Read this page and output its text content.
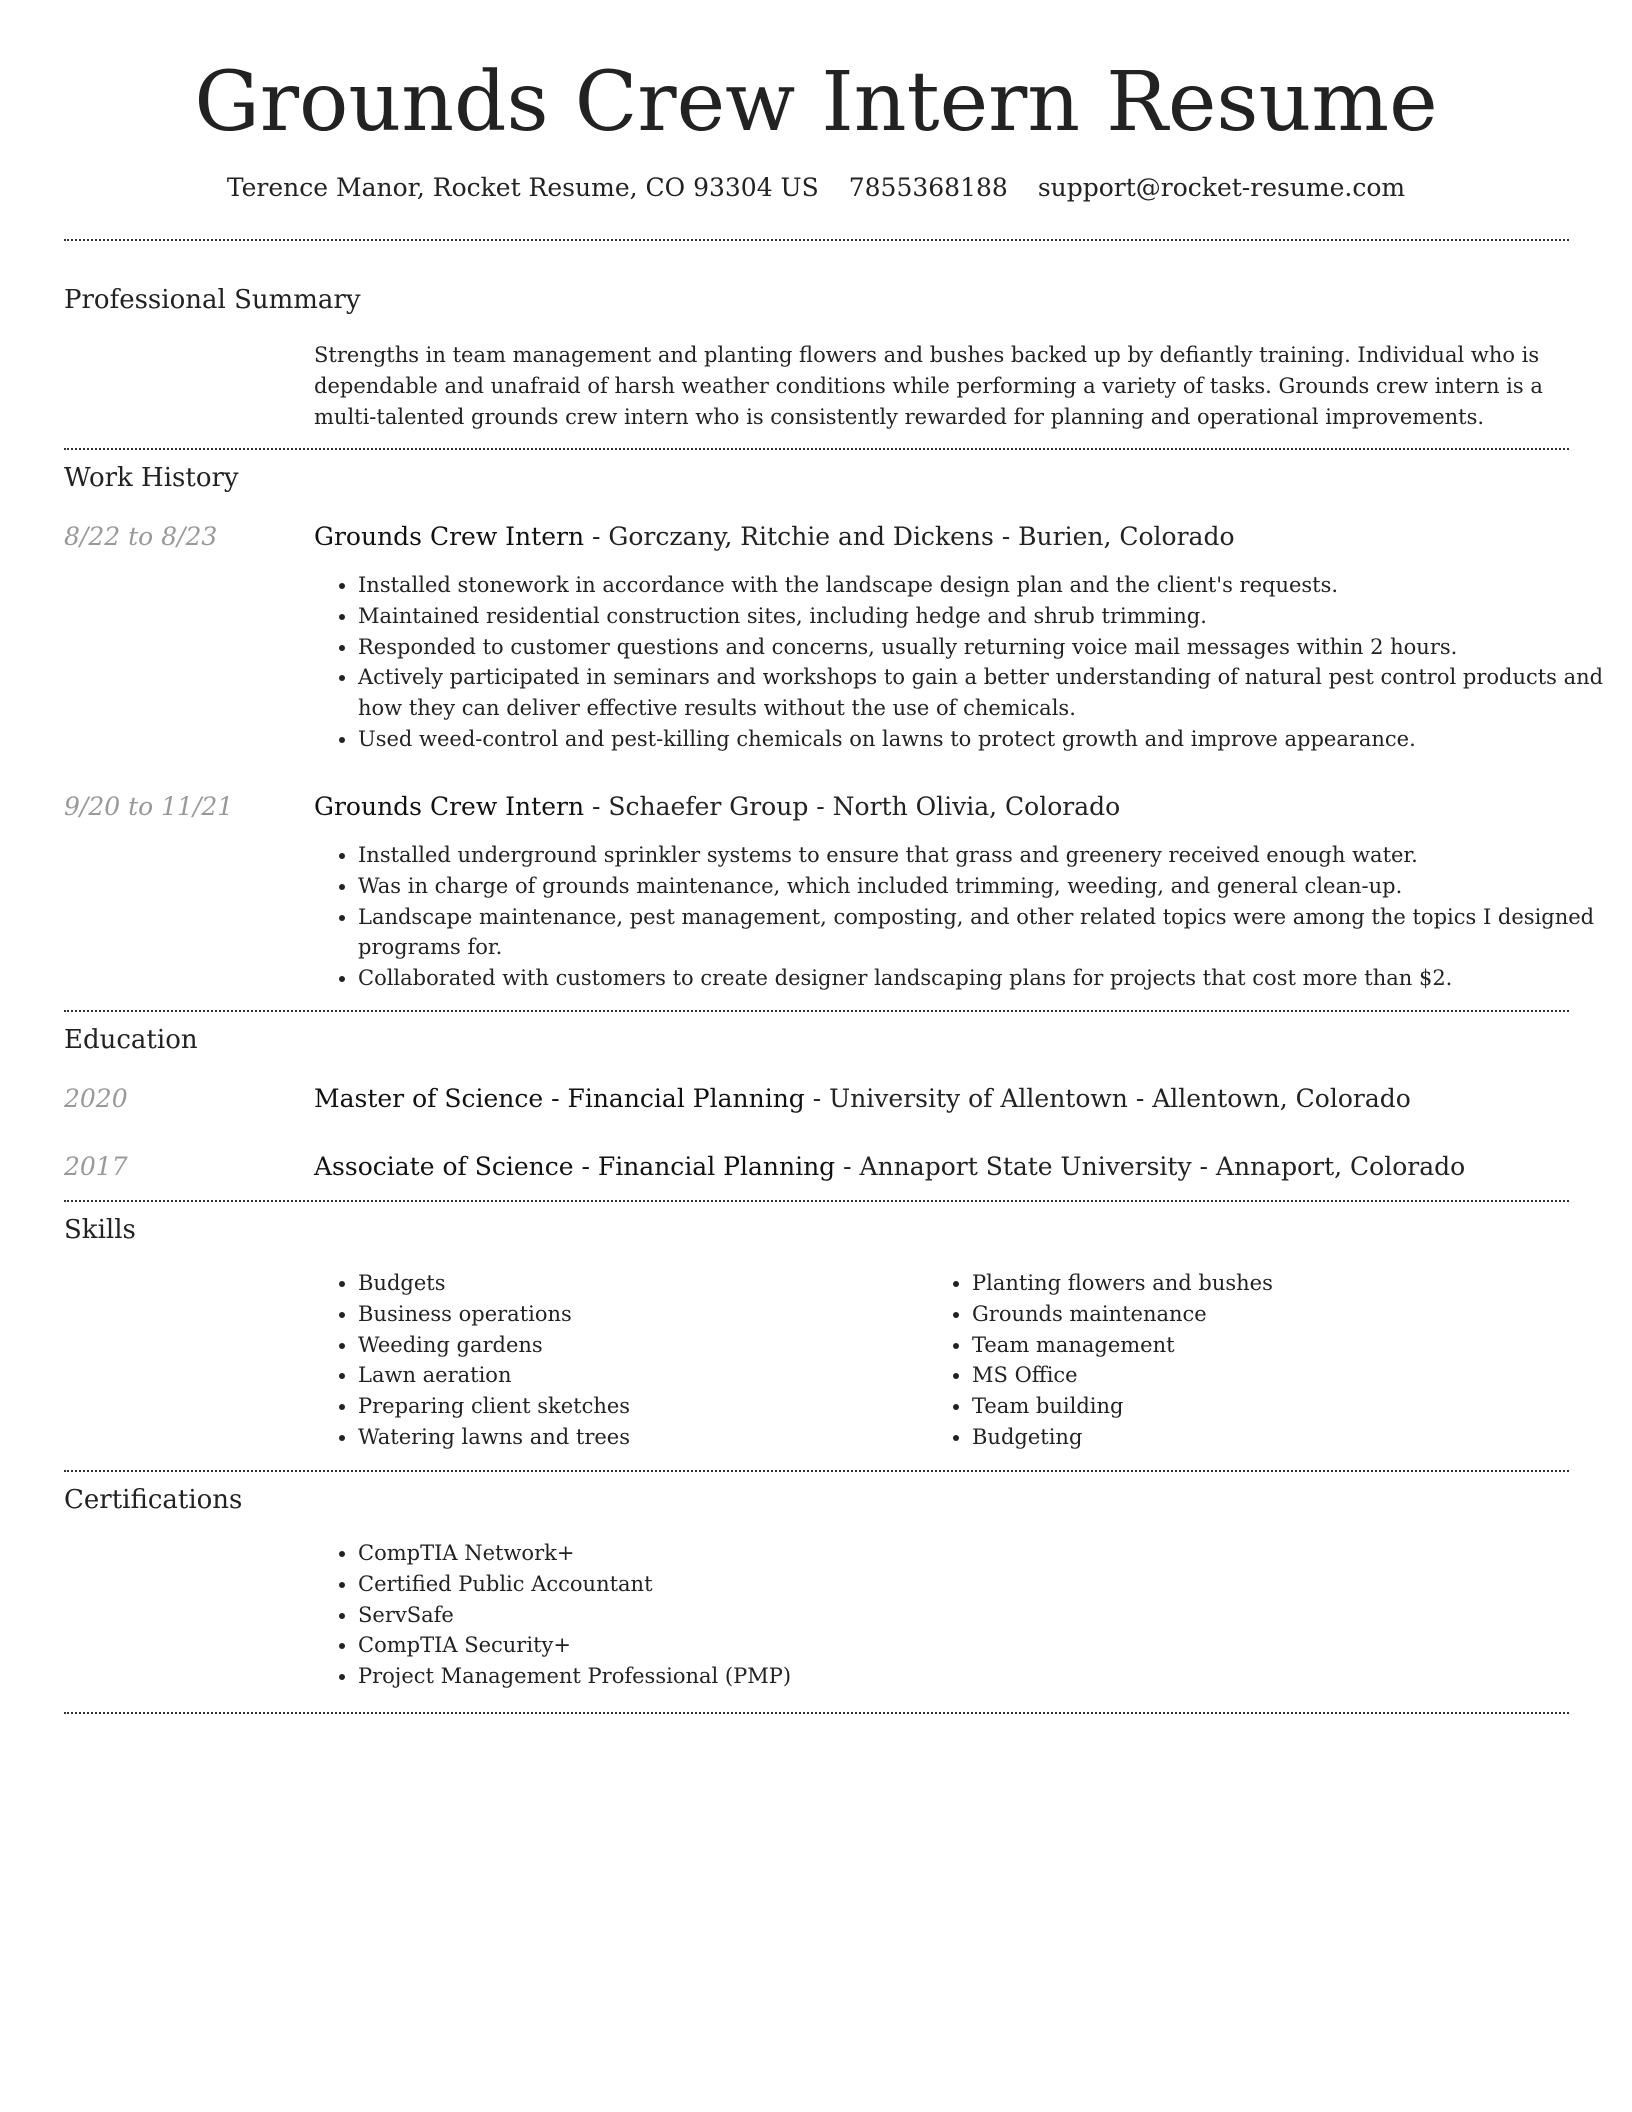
Grounds Crew Intern Resume
Terence Manor, Rocket Resume, CO 93304 US 7855368188 support@rocket-resume.com
Professional Summary
Strengths in team management and planting flowers and bushes backed up by defiantly training. Individual who is dependable and unafraid of harsh weather conditions while performing a variety of tasks. Grounds crew intern is a multi-talented grounds crew intern who is consistently rewarded for planning and operational improvements.
Work History
8/22 to 8/23	Grounds Crew Intern - Gorczany, Ritchie and Dickens - Burien, Colorado
• Installed stonework in accordance with the landscape design plan and the client's requests.
• Maintained residential construction sites, including hedge and shrub trimming.
• Responded to customer questions and concerns, usually returning voice mail messages within 2 hours.
• Actively participated in seminars and workshops to gain a better understanding of natural pest control products and how they can deliver effective results without the use of chemicals.
• Used weed-control and pest-killing chemicals on lawns to protect growth and improve appearance.
9/20 to 11/21	Grounds Crew Intern - Schaefer Group - North Olivia, Colorado
• Installed underground sprinkler systems to ensure that grass and greenery received enough water.
• Was in charge of grounds maintenance, which included trimming, weeding, and general clean-up.
• Landscape maintenance, pest management, composting, and other related topics were among the topics I designed programs for.
• Collaborated with customers to create designer landscaping plans for projects that cost more than $2.
Education
2020	Master of Science - Financial Planning - University of Allentown - Allentown, Colorado
2017	Associate of Science - Financial Planning - Annaport State University - Annaport, Colorado
Skills
• Budgets
• Business operations
• Weeding gardens
• Lawn aeration
• Preparing client sketches
• Watering lawns and trees
• Planting flowers and bushes
• Grounds maintenance
• Team management
• MS Office
• Team building
• Budgeting
Certifications
• CompTIA Network+
• Certified Public Accountant
• ServSafe
• CompTIA Security+
• Project Management Professional (PMP)
